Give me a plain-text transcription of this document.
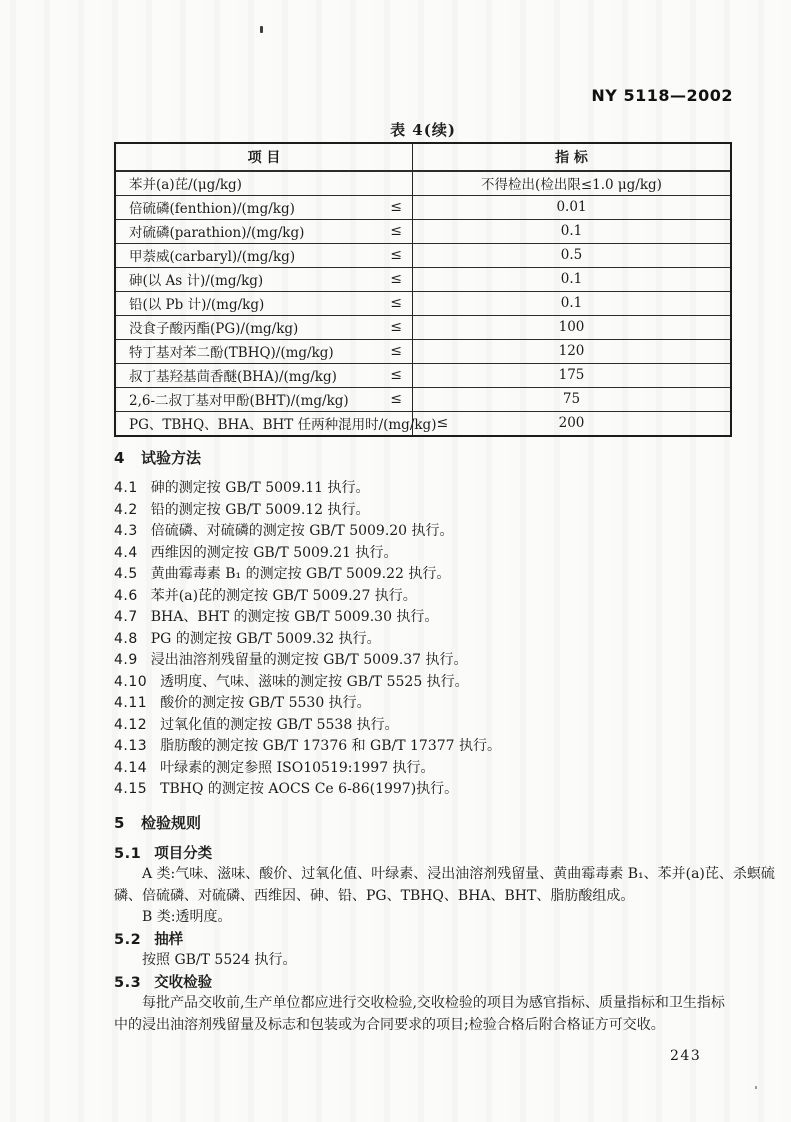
NY 5118—2002
表 4(续)
项 目	指 标
苯并(a)芘/(μg/kg)	不得检出(检出限≤1.0 μg/kg)
倍硫磷(fenthion)/(mg/kg)	≤	0.01
对硫磷(parathion)/(mg/kg)	≤	0.1
甲萘威(carbaryl)/(mg/kg)	≤	0.5
砷(以 As 计)/(mg/kg)	≤	0.1
铅(以 Pb 计)/(mg/kg)	≤	0.1
没食子酸丙酯(PG)/(mg/kg)	≤	100
特丁基对苯二酚(TBHQ)/(mg/kg)	≤	120
叔丁基羟基茴香醚(BHA)/(mg/kg)	≤	175
2,6-二叔丁基对甲酚(BHT)/(mg/kg)	≤	75
PG、TBHQ、BHA、BHT 任两种混用时/(mg/kg) ≤	200
4 试验方法
4.1 砷的测定按 GB/T 5009.11 执行。
4.2 铅的测定按 GB/T 5009.12 执行。
4.3 倍硫磷、对硫磷的测定按 GB/T 5009.20 执行。
4.4 西维因的测定按 GB/T 5009.21 执行。
4.5 黄曲霉毒素 B₁ 的测定按 GB/T 5009.22 执行。
4.6 苯并(a)芘的测定按 GB/T 5009.27 执行。
4.7 BHA、BHT 的测定按 GB/T 5009.30 执行。
4.8 PG 的测定按 GB/T 5009.32 执行。
4.9 浸出油溶剂残留量的测定按 GB/T 5009.37 执行。
4.10 透明度、气味、滋味的测定按 GB/T 5525 执行。
4.11 酸价的测定按 GB/T 5530 执行。
4.12 过氧化值的测定按 GB/T 5538 执行。
4.13 脂肪酸的测定按 GB/T 17376 和 GB/T 17377 执行。
4.14 叶绿素的测定参照 ISO10519:1997 执行。
4.15 TBHQ 的测定按 AOCS Ce 6-86(1997)执行。
5 检验规则
5.1 项目分类
A 类:气味、滋味、酸价、过氧化值、叶绿素、浸出油溶剂残留量、黄曲霉毒素 B₁、苯并(a)芘、杀螟硫
磷、倍硫磷、对硫磷、西维因、砷、铅、PG、TBHQ、BHA、BHT、脂肪酸组成。
B 类:透明度。
5.2 抽样
按照 GB/T 5524 执行。
5.3 交收检验
每批产品交收前,生产单位都应进行交收检验,交收检验的项目为感官指标、质量指标和卫生指标
中的浸出油溶剂残留量及标志和包装或为合同要求的项目;检验合格后附合格证方可交收。
243
